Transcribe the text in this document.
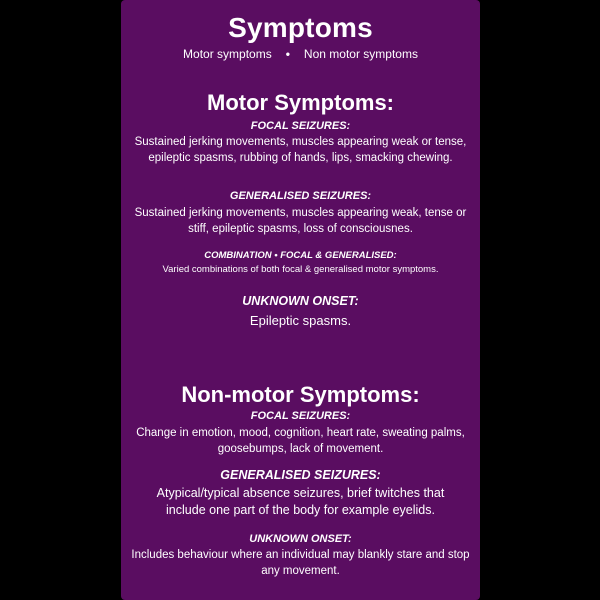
Symptoms
Motor symptoms • Non motor symptoms
Motor Symptoms:
FOCAL SEIZURES:
Sustained jerking movements, muscles appearing weak or tense, epileptic spasms, rubbing of hands, lips, smacking chewing.
GENERALISED SEIZURES:
Sustained jerking movements, muscles appearing weak, tense or stiff, epileptic spasms, loss of consciousnes.
COMBINATION • FOCAL & GENERALISED:
Varied combinations of both focal & generalised motor symptoms.
UNKNOWN ONSET:
Epileptic spasms.
Non-motor Symptoms:
FOCAL SEIZURES:
Change in emotion, mood, cognition, heart rate, sweating palms, goosebumps, lack of movement.
GENERALISED SEIZURES:
Atypical/typical absence seizures, brief twitches that include one part of the body for example eyelids.
UNKNOWN ONSET:
Includes behaviour where an individual may blankly stare and stop any movement.
